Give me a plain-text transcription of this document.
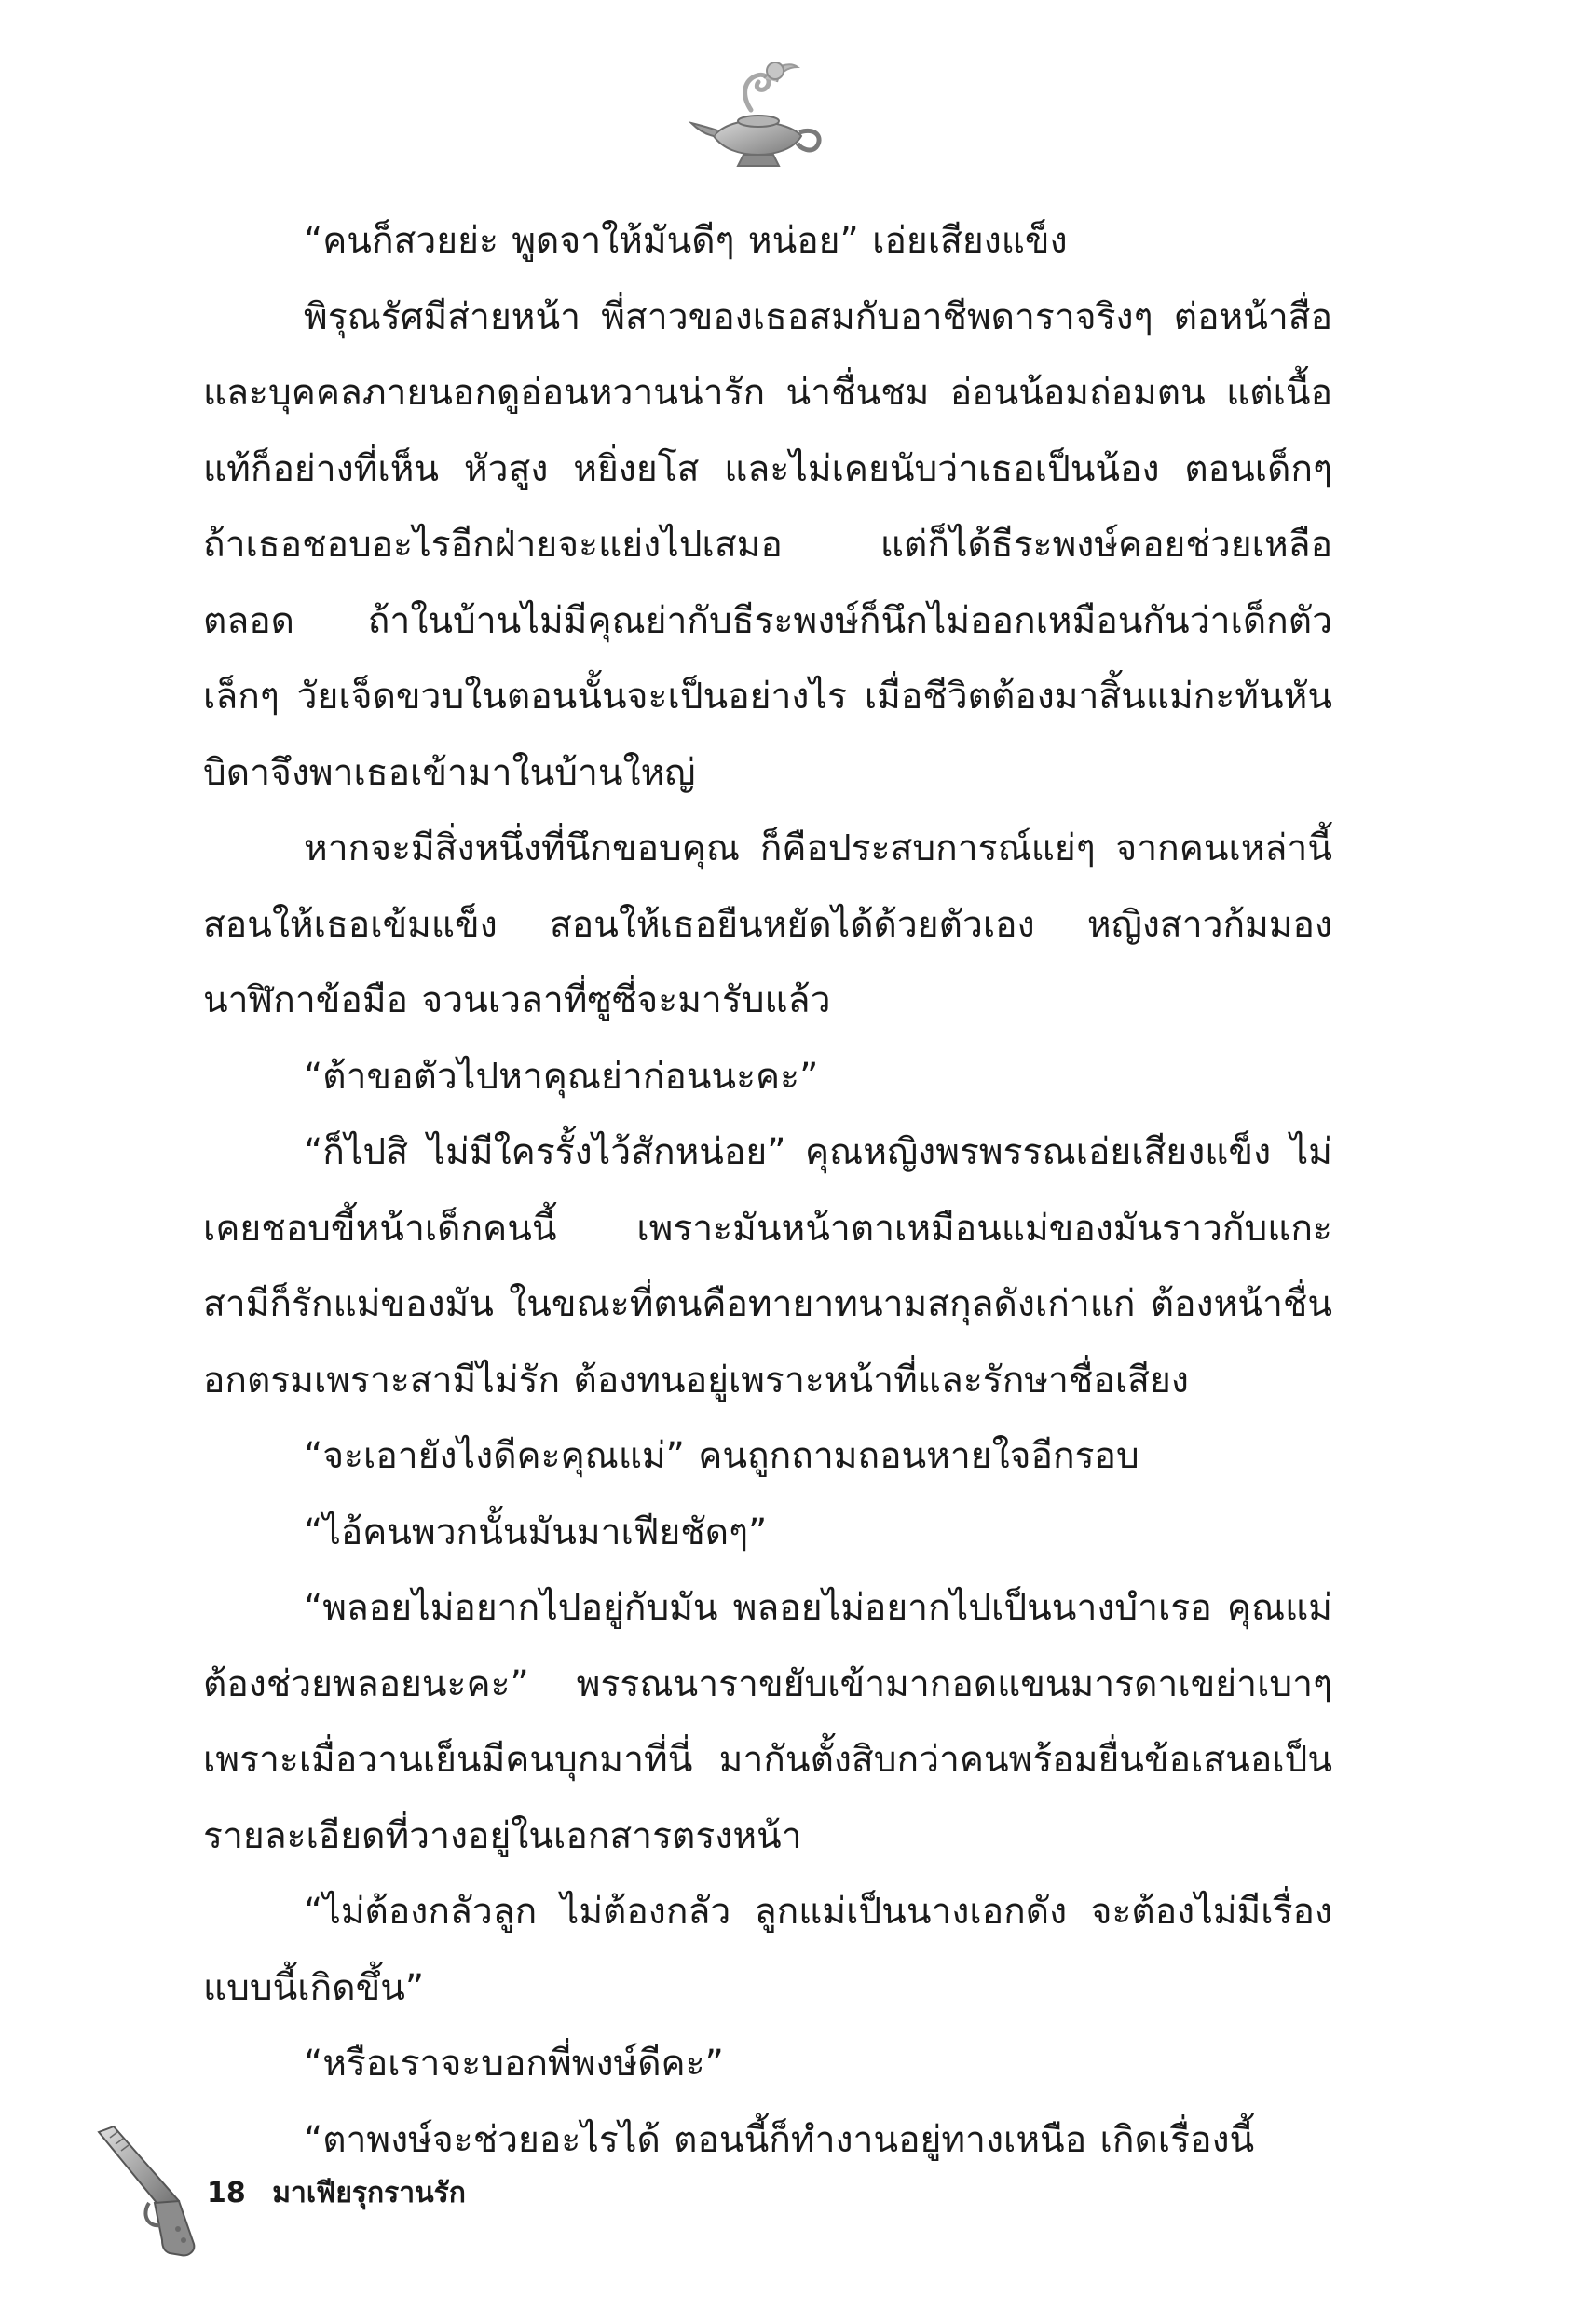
“คนก็สวยย่ะ พูดจาให้มันดีๆ หน่อย” เอ่ยเสียงแข็ง

พิรุณรัศมีส่ายหน้า พี่สาวของเธอสมกับอาชีพดาราจริงๆ ต่อหน้าสื่อและบุคคลภายนอกดูอ่อนหวานน่ารัก น่าชื่นชม อ่อนน้อมถ่อมตน แต่เนื้อแท้ก็อย่างที่เห็น หัวสูง หยิ่งยโส และไม่เคยนับว่าเธอเป็นน้อง ตอนเด็กๆ ถ้าเธอชอบอะไรอีกฝ่ายจะแย่งไปเสมอ แต่ก็ได้ธีระพงษ์คอยช่วยเหลือตลอด ถ้าในบ้านไม่มีคุณย่ากับธีระพงษ์ก็นึกไม่ออกเหมือนกันว่าเด็กตัวเล็กๆ วัยเจ็ดขวบในตอนนั้นจะเป็นอย่างไร เมื่อชีวิตต้องมาสิ้นแม่กะทันหัน บิดาจึงพาเธอเข้ามาในบ้านใหญ่

หากจะมีสิ่งหนึ่งที่นึกขอบคุณ ก็คือประสบการณ์แย่ๆ จากคนเหล่านี้ สอนให้เธอเข้มแข็ง สอนให้เธอยืนหยัดได้ด้วยตัวเอง หญิงสาวก้มมองนาฬิกาข้อมือ จวนเวลาที่ซูซี่จะมารับแล้ว

“ต้าขอตัวไปหาคุณย่าก่อนนะคะ”

“ก็ไปสิ ไม่มีใครรั้งไว้สักหน่อย” คุณหญิงพรพรรณเอ่ยเสียงแข็ง ไม่เคยชอบขี้หน้าเด็กคนนี้ เพราะมันหน้าตาเหมือนแม่ของมันราวกับแกะ สามีก็รักแม่ของมัน ในขณะที่ตนคือทายาทนามสกุลดังเก่าแก่ ต้องหน้าชื่นอกตรมเพราะสามีไม่รัก ต้องทนอยู่เพราะหน้าที่และรักษาชื่อเสียง

“จะเอายังไงดีคะคุณแม่” คนถูกถามถอนหายใจอีกรอบ

“ไอ้คนพวกนั้นมันมาเฟียชัดๆ”

“พลอยไม่อยากไปอยู่กับมัน พลอยไม่อยากไปเป็นนางบำเรอ คุณแม่ต้องช่วยพลอยนะคะ” พรรณนาราขยับเข้ามากอดแขนมารดาเขย่าเบาๆ เพราะเมื่อวานเย็นมีคนบุกมาที่นี่ มากันตั้งสิบกว่าคนพร้อมยื่นข้อเสนอเป็นรายละเอียดที่วางอยู่ในเอกสารตรงหน้า

“ไม่ต้องกลัวลูก ไม่ต้องกลัว ลูกแม่เป็นนางเอกดัง จะต้องไม่มีเรื่องแบบนี้เกิดขึ้น”

“หรือเราจะบอกพี่พงษ์ดีคะ”

“ตาพงษ์จะช่วยอะไรได้ ตอนนี้ก็ทำงานอยู่ทางเหนือ เกิดเรื่องนี้

18 มาเฟียรุกรานรัก
